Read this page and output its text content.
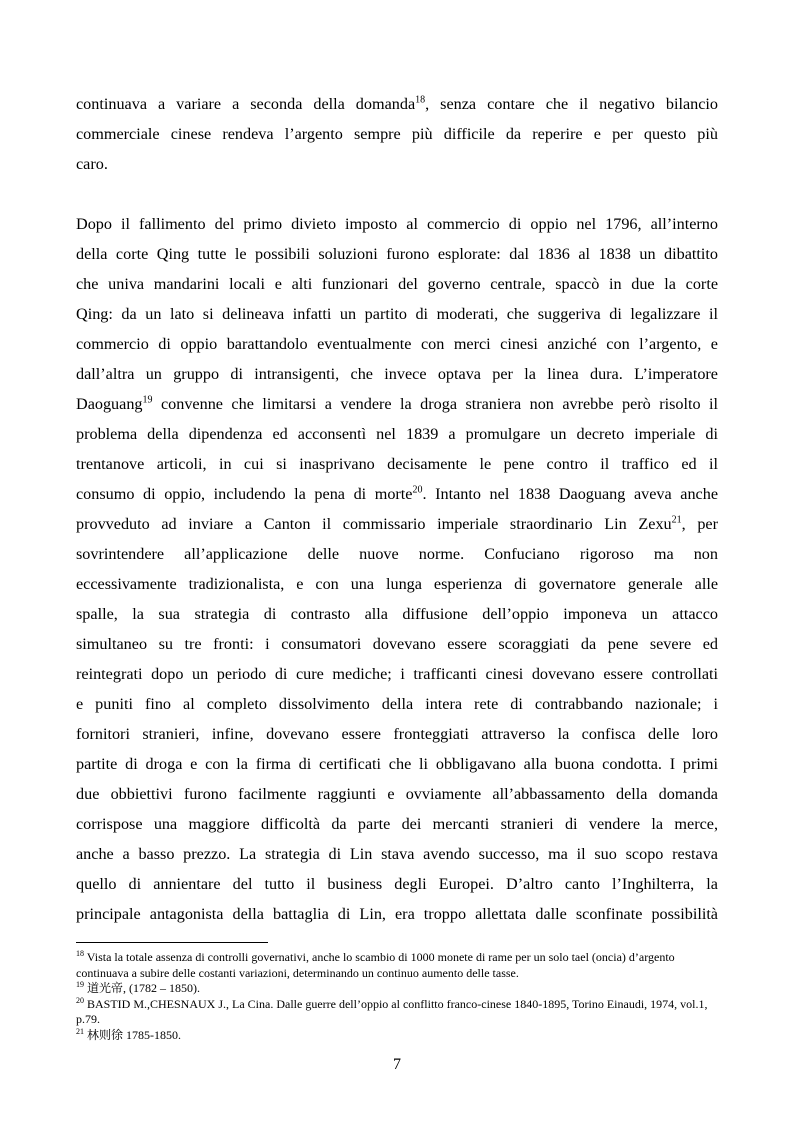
continuava a variare a seconda della domanda$^{18}$, senza contare che il negativo bilancio
commerciale cinese rendeva l’argento sempre più difficile da reperire e per questo più
caro.
Dopo il fallimento del primo divieto imposto al commercio di oppio nel 1796, all’interno
della corte Qing tutte le possibili soluzioni furono esplorate: dal 1836 al 1838 un dibattito
che univa mandarini locali e alti funzionari del governo centrale, spaccò in due la corte
Qing: da un lato si delineava infatti un partito di moderati, che suggeriva di legalizzare il
commercio di oppio barattandolo eventualmente con merci cinesi anziché con l’argento, e
dall’altra un gruppo di intransigenti, che invece optava per la linea dura. L’imperatore
Daoguang$^{19}$ convenne che limitarsi a vendere la droga straniera non avrebbe però risolto il
problema della dipendenza ed acconsentì nel 1839 a promulgare un decreto imperiale di
trentanove articoli, in cui si inasprivano decisamente le pene contro il traffico ed il
consumo di oppio, includendo la pena di morte$^{20}$. Intanto nel 1838 Daoguang aveva anche
provveduto ad inviare a Canton il commissario imperiale straordinario Lin Zexu$^{21}$, per
sovrintendere all’applicazione delle nuove norme. Confuciano rigoroso ma non
eccessivamente tradizionalista, e con una lunga esperienza di governatore generale alle
spalle, la sua strategia di contrasto alla diffusione dell’oppio imponeva un attacco
simultaneo su tre fronti: i consumatori dovevano essere scoraggiati da pene severe ed
reintegrati dopo un periodo di cure mediche; i trafficanti cinesi dovevano essere controllati
e puniti fino al completo dissolvimento della intera rete di contrabbando nazionale; i
fornitori stranieri, infine, dovevano essere fronteggiati attraverso la confisca delle loro
partite di droga e con la firma di certificati che li obbligavano alla buona condotta. I primi
due obbiettivi furono facilmente raggiunti e ovviamente all’abbassamento della domanda
corrispose una maggiore difficoltà da parte dei mercanti stranieri di vendere la merce,
anche a basso prezzo. La strategia di Lin stava avendo successo, ma il suo scopo restava
quello di annientare del tutto il business degli Europei. D’altro canto l’Inghilterra, la
principale antagonista della battaglia di Lin, era troppo allettata dalle sconfinate possibilità

$^{18}$ Vista la totale assenza di controlli governativi, anche lo scambio di 1000 monete di rame per un solo tael (oncia) d’argento continuava a subire delle costanti variazioni, determinando un continuo aumento delle tasse.

$^{19}$ 道光帝, (1782 – 1850).

$^{20}$ BASTID M.,CHESNAUX J., La Cina. Dalle guerre dell’oppio al conflitto franco-cinese 1840-1895, Torino Einaudi, 1974, vol.1, p.79.

$^{21}$ 林则徐 1785-1850.

7
